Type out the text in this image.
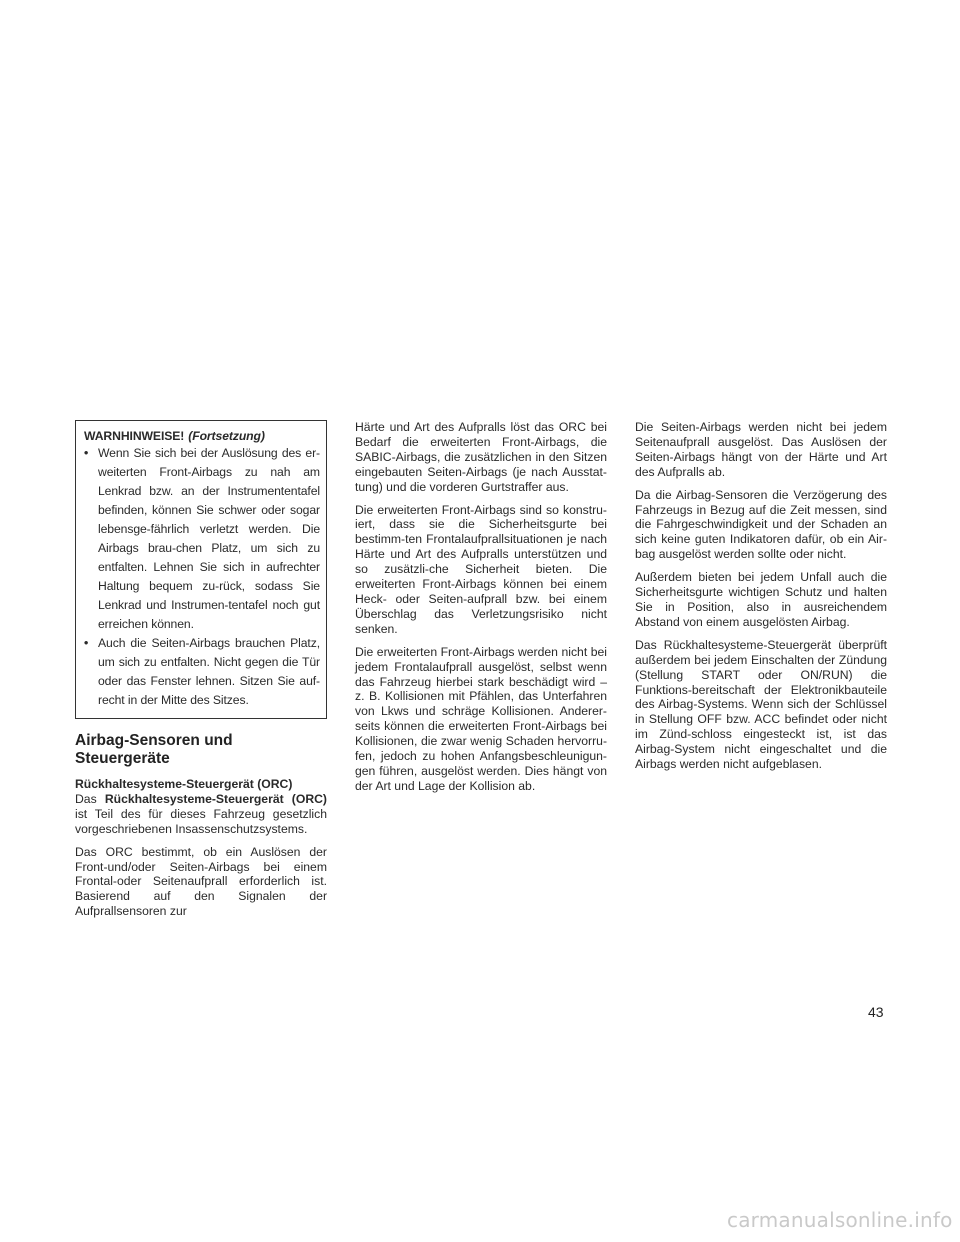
WARNHINWEISE! (Fortsetzung)
• Wenn Sie sich bei der Auslösung des er-weiterten Front-Airbags zu nah am Lenkrad bzw. an der Instrumententafel befinden, können Sie schwer oder sogar lebensge-fährlich verletzt werden. Die Airbags brau-chen Platz, um sich zu entfalten. Lehnen Sie sich in aufrechter Haltung bequem zu-rück, sodass Sie Lenkrad und Instrumen-tentafel noch gut erreichen können.
• Auch die Seiten-Airbags brauchen Platz, um sich zu entfalten. Nicht gegen die Tür oder das Fenster lehnen. Sitzen Sie auf-recht in der Mitte des Sitzes.
Airbag-Sensoren und Steuergeräte
Rückhaltesysteme-Steuergerät (ORC)

Das Rückhaltesysteme-Steuergerät (ORC) ist Teil des für dieses Fahrzeug gesetzlich vorgeschriebenen Insassenschutzsystems.

Das ORC bestimmt, ob ein Auslösen der Front-und/oder Seiten-Airbags bei einem Frontal-oder Seitenaufprall erforderlich ist. Basierend auf den Signalen der Aufprallsensoren zur

Härte und Art des Aufpralls löst das ORC bei Bedarf die erweiterten Front-Airbags, die SABIC-Airbags, die zusätzlichen in den Sitzen eingebauten Seiten-Airbags (je nach Ausstat-tung) und die vorderen Gurtstraffer aus.

Die erweiterten Front-Airbags sind so konstru-iert, dass sie die Sicherheitsgurte bei bestimm-ten Frontalaufprallsituationen je nach Härte und Art des Aufpralls unterstützen und so zusätzli-che Sicherheit bieten. Die erweiterten Front-Airbags können bei einem Heck- oder Seiten-aufprall bzw. bei einem Überschlag das Verletzungsrisiko nicht senken.

Die erweiterten Front-Airbags werden nicht bei jedem Frontalaufprall ausgelöst, selbst wenn das Fahrzeug hierbei stark beschädigt wird – z. B. Kollisionen mit Pfählen, das Unterfahren von Lkws und schräge Kollisionen. Anderer-seits können die erweiterten Front-Airbags bei Kollisionen, die zwar wenig Schaden hervorru-fen, jedoch zu hohen Anfangsbeschleunigun-gen führen, ausgelöst werden. Dies hängt von der Art und Lage der Kollision ab.

Die Seiten-Airbags werden nicht bei jedem Seitenaufprall ausgelöst. Das Auslösen der Seiten-Airbags hängt von der Härte und Art des Aufpralls ab.

Da die Airbag-Sensoren die Verzögerung des Fahrzeugs in Bezug auf die Zeit messen, sind die Fahrgeschwindigkeit und der Schaden an sich keine guten Indikatoren dafür, ob ein Air-bag ausgelöst werden sollte oder nicht.

Außerdem bieten bei jedem Unfall auch die Sicherheitsgurte wichtigen Schutz und halten Sie in Position, also in ausreichendem Abstand von einem ausgelösten Airbag.

Das Rückhaltesysteme-Steuergerät überprüft außerdem bei jedem Einschalten der Zündung (Stellung START oder ON/RUN) die Funktions-bereitschaft der Elektronikbauteile des Airbag-Systems. Wenn sich der Schlüssel in Stellung OFF bzw. ACC befindet oder nicht im Zünd-schloss eingesteckt ist, ist das Airbag-System nicht eingeschaltet und die Airbags werden nicht aufgeblasen.

43
carmanualsonline.info
